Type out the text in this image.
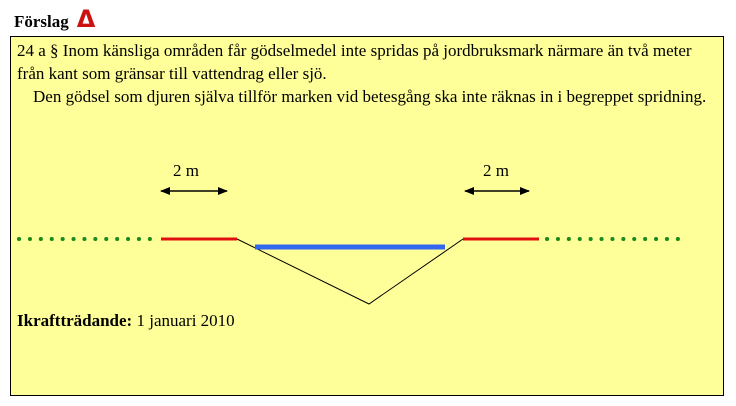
Förslag Δ

24 a § Inom känsliga områden får gödselmedel inte spridas på jordbruksmark närmare än två meter från kant som gränsar till vattendrag eller sjö.

Den gödsel som djuren själva tillför marken vid betesgång ska inte räknas in i begreppet spridning.

2 m	2 m

Ikraftträdande: 1 januari 2010
